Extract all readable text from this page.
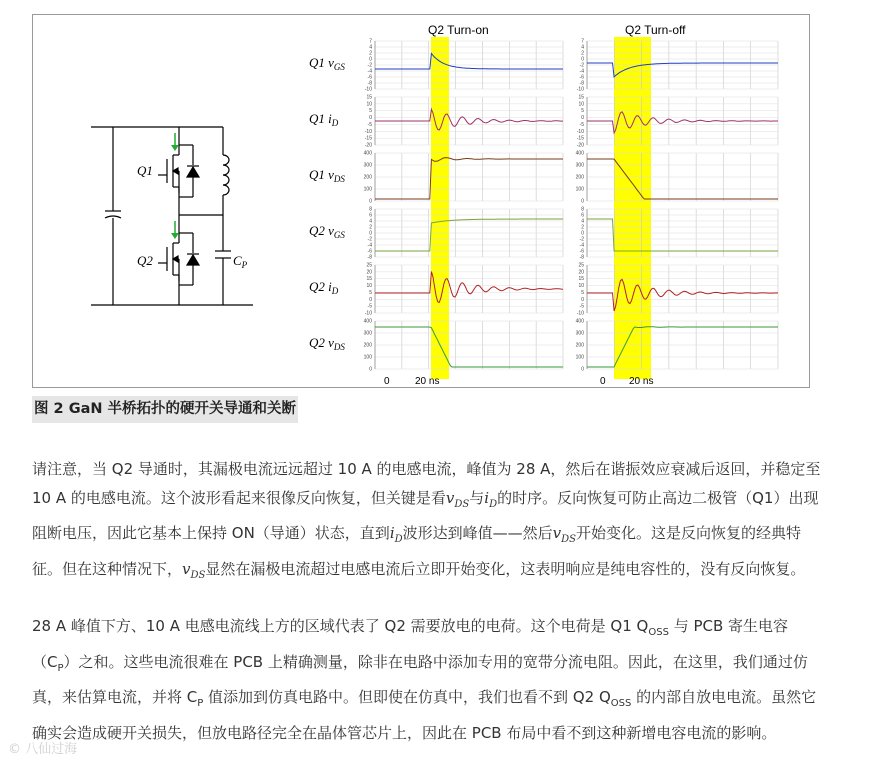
Q1
Q2	$C_P$
Q2 Turn-on	Q2 Turn-off
Q1 $v_{GS}$
7
4
2
0
-2
-4
-6
-8
-10
7
4
2
0
-2
-4
-6
-8
-10
Q1 $i_D$
15
10
5
0
-5
-10
-15
-20
15
10
5
0
-5
-10
-15
-20
Q1 $v_{DS}$
400
300
200
100
0
400
300
200
100
0
Q2 $v_{GS}$
8
6
4
2
0
-2
-4
-6
-8
8
6
4
2
0
-2
-4
-6
-8
Q2 $i_D$
25
20
15
10
5
0
-5
-10
25
20
15
10
5
0
-5
-10
Q2 $v_{DS}$
400
300
200
100
0
400
300
200
100
0
0	20 ns	0 20 ns
图 2 GaN 半桥拓扑的硬开关导通和关断

请注意，当 Q2 导通时，其漏极电流远远超过 10 A 的电感电流，峰值为 28 A，然后在谐振效应衰减后返回，并稳定至 10 A 的电感电流。这个波形看起来很像反向恢复，但关键是看$v_{DS}$与$i_D$的时序。反向恢复可防止高边二极管（Q1）出现阻断电压，因此它基本上保持 ON（导通）状态，直到$i_D$波形达到峰值——然后$v_{DS}$开始变化。这是反向恢复的经典特征。但在这种情况下，$v_{DS}$显然在漏极电流超过电感电流后立即开始变化，这表明响应是纯电容性的，没有反向恢复。

28 A 峰值下方、10 A 电感电流线上方的区域代表了 Q2 需要放电的电荷。这个电荷是 Q1 $Q_{OSS}$ 与 PCB 寄生电容$(C_P)$之和。这些电流很难在 PCB 上精确测量，除非在电路中添加专用的宽带分流电阻。因此，在这里，我们通过仿真，来估算电流，并将 $C_P$ 值添加到仿真电路中。但即使在仿真中，我们也看不到 Q2 $Q_{OSS}$ 的内部自放电电流。虽然它确实会造成硬开关损失，但放电路径完全在晶体管芯片上，因此在 PCB 布局中看不到这种新增电容电流的影响。

© 八仙过海
